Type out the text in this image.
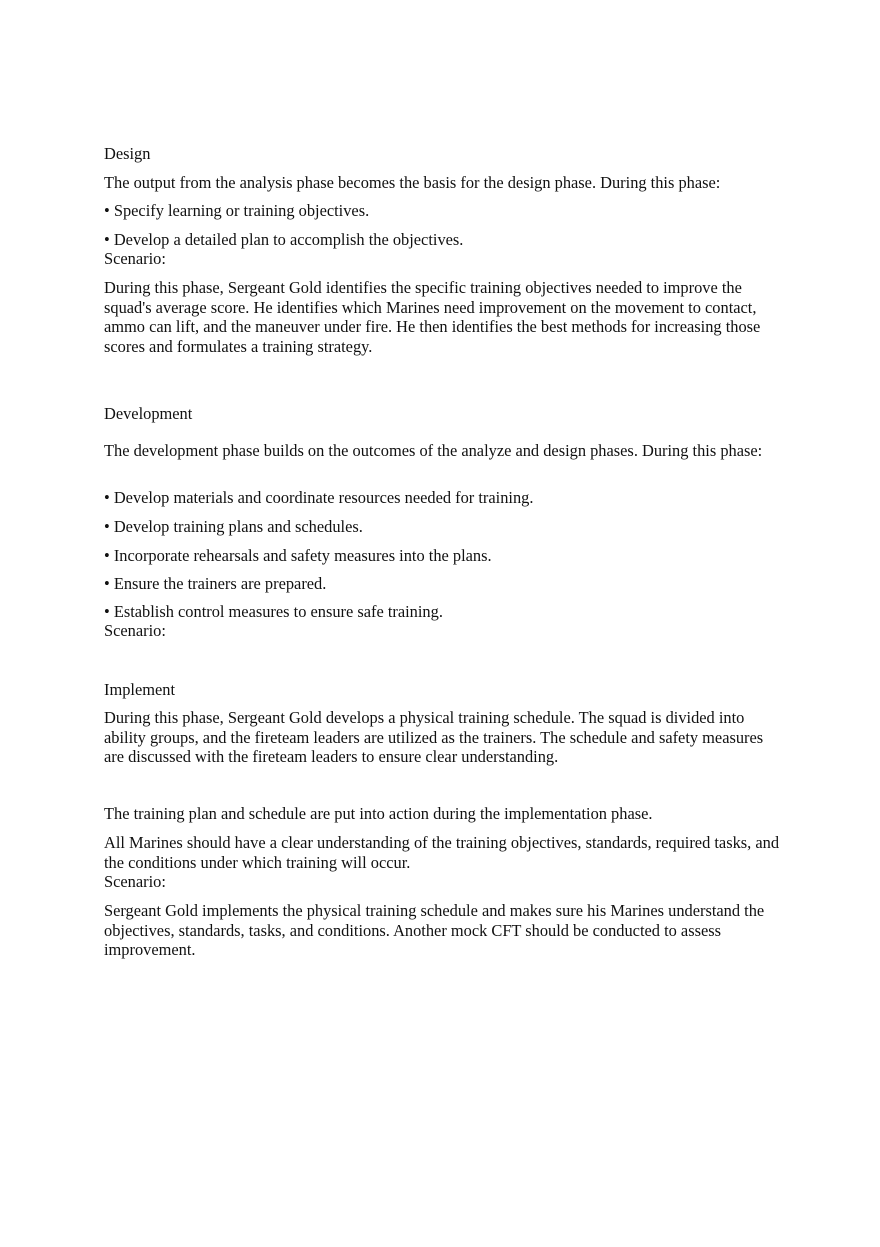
Design

The output from the analysis phase becomes the basis for the design phase. During this phase:

• Specify learning or training objectives.

• Develop a detailed plan to accomplish the objectives.

Scenario:

During this phase, Sergeant Gold identifies the specific training objectives needed to improve the squad's average score. He identifies which Marines need improvement on the movement to contact, ammo can lift, and the maneuver under fire. He then identifies the best methods for increasing those scores and formulates a training strategy.

Development

The development phase builds on the outcomes of the analyze and design phases. During this phase:

• Develop materials and coordinate resources needed for training.

• Develop training plans and schedules.

• Incorporate rehearsals and safety measures into the plans.

• Ensure the trainers are prepared.

• Establish control measures to ensure safe training.

Scenario:

Implement

During this phase, Sergeant Gold develops a physical training schedule. The squad is divided into ability groups, and the fireteam leaders are utilized as the trainers. The schedule and safety measures are discussed with the fireteam leaders to ensure clear understanding.

The training plan and schedule are put into action during the implementation phase.

All Marines should have a clear understanding of the training objectives, standards, required tasks, and the conditions under which training will occur.

Scenario:

Sergeant Gold implements the physical training schedule and makes sure his Marines understand the objectives, standards, tasks, and conditions. Another mock CFT should be conducted to assess improvement.
